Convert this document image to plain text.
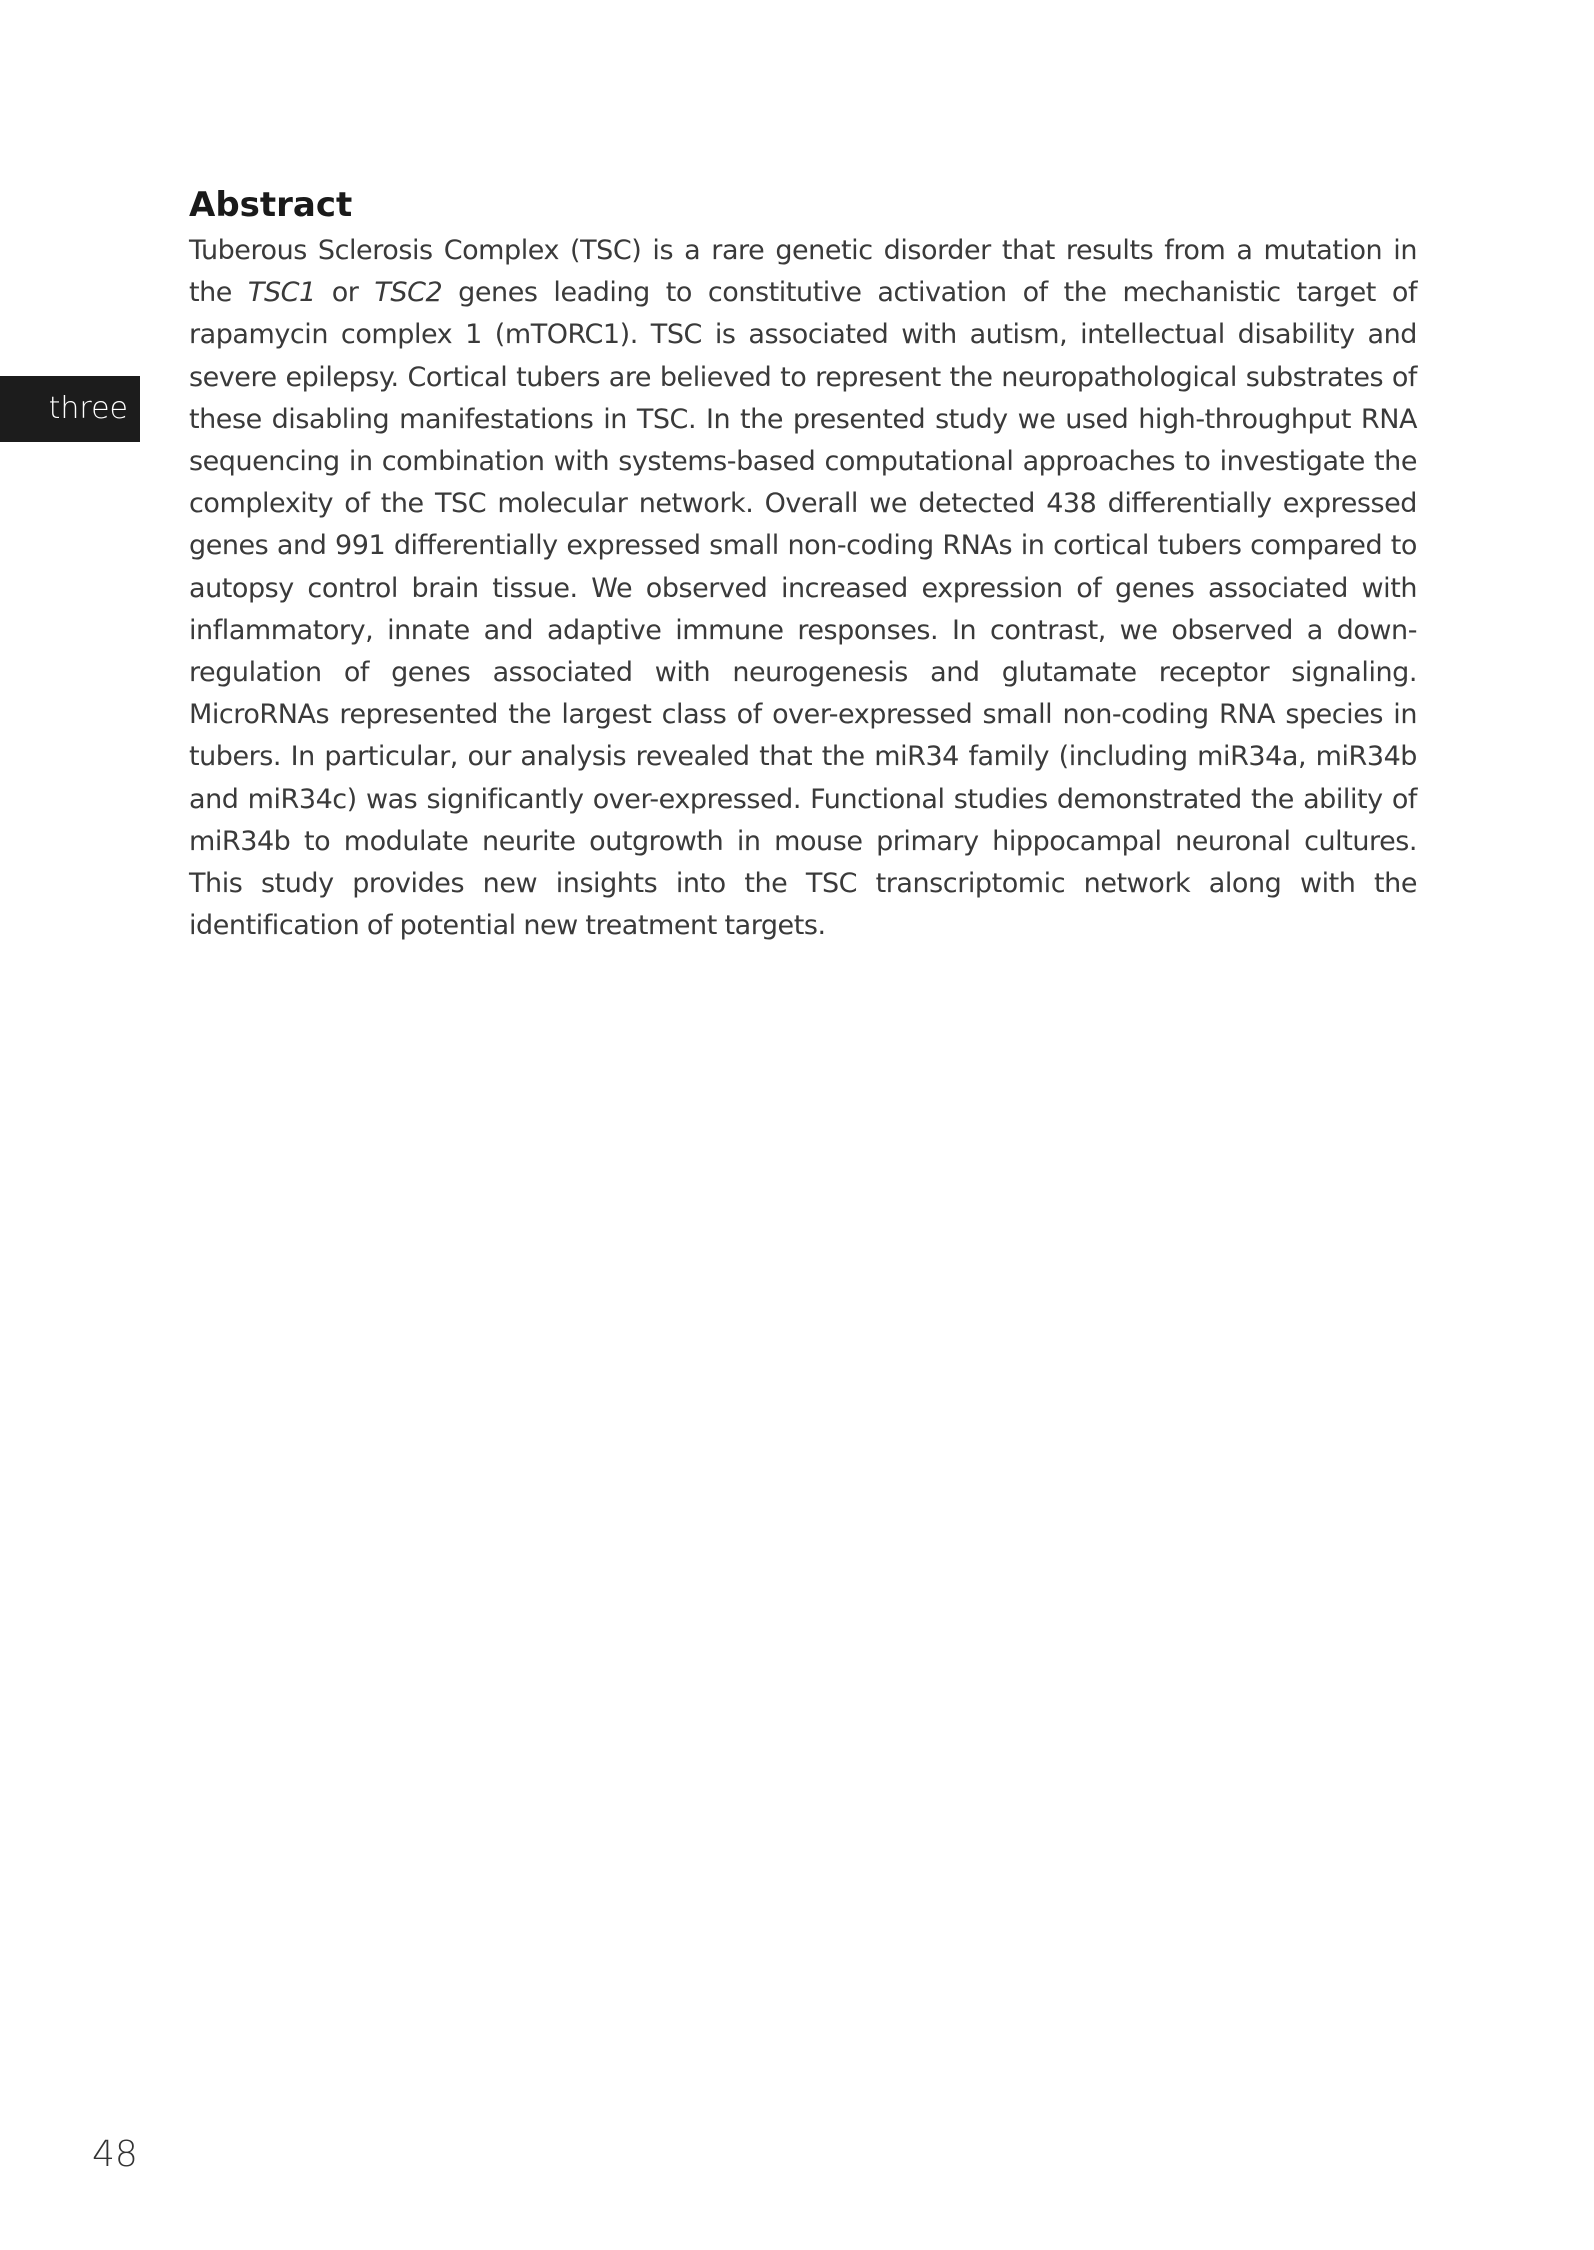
three
Abstract

Tuberous Sclerosis Complex (TSC) is a rare genetic disorder that results from a mutation in the TSC1 or TSC2 genes leading to constitutive activation of the mechanistic target of rapamycin complex 1 (mTORC1). TSC is associated with autism, intellectual disability and severe epilepsy. Cortical tubers are believed to represent the neuropathological substrates of these disabling manifestations in TSC. In the presented study we used high-throughput RNA sequencing in combination with systems-based computational approaches to investigate the complexity of the TSC molecular network. Overall we detected 438 differentially expressed genes and 991 differentially expressed small non-coding RNAs in cortical tubers compared to autopsy control brain tissue. We observed increased expression of genes associated with inflammatory, innate and adaptive immune responses. In contrast, we observed a down-regulation of genes associated with neurogenesis and glutamate receptor signaling. MicroRNAs represented the largest class of over-expressed small non-coding RNA species in tubers. In particular, our analysis revealed that the miR34 family (including miR34a, miR34b and miR34c) was significantly over-expressed. Functional studies demonstrated the ability of miR34b to modulate neurite outgrowth in mouse primary hippocampal neuronal cultures. This study provides new insights into the TSC transcriptomic network along with the identification of potential new treatment targets.

48
